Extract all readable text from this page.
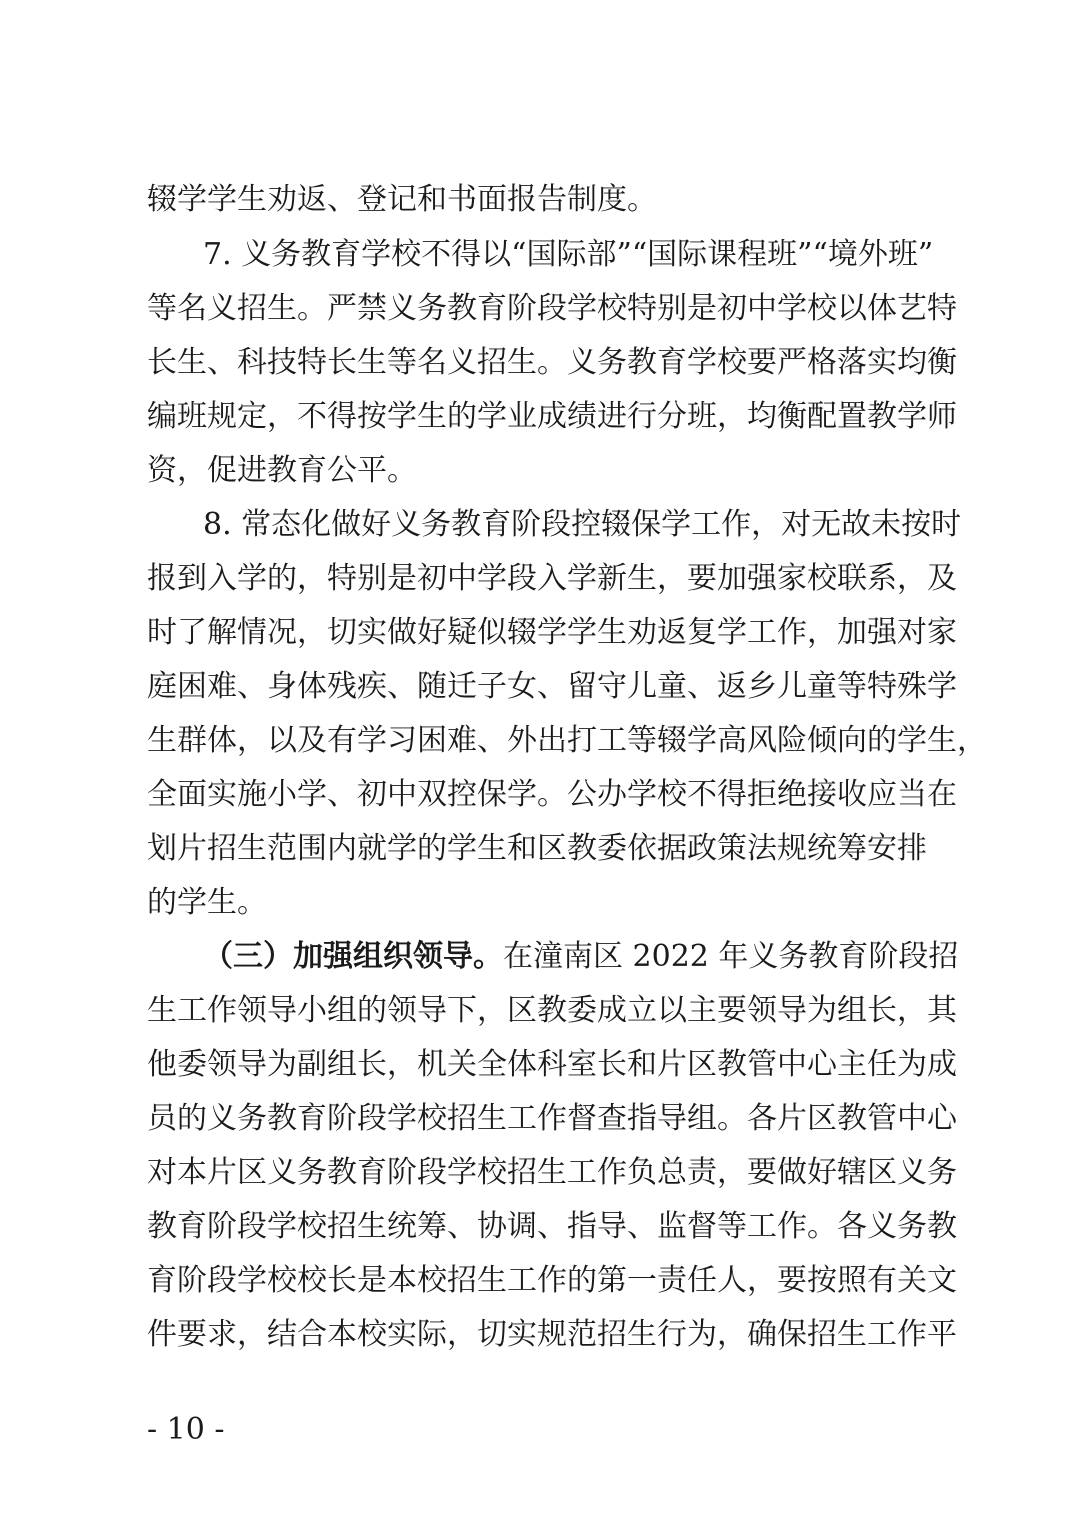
辍学学生劝返、登记和书面报告制度。
7. 义务教育学校不得以“国际部”“国际课程班”“境外班”
等名义招生。严禁义务教育阶段学校特别是初中学校以体艺特
长生、科技特长生等名义招生。义务教育学校要严格落实均衡
编班规定，不得按学生的学业成绩进行分班，均衡配置教学师
资，促进教育公平。
8. 常态化做好义务教育阶段控辍保学工作，对无故未按时
报到入学的，特别是初中学段入学新生，要加强家校联系，及
时了解情况，切实做好疑似辍学学生劝返复学工作，加强对家
庭困难、身体残疾、随迁子女、留守儿童、返乡儿童等特殊学
生群体，以及有学习困难、外出打工等辍学高风险倾向的学生，
全面实施小学、初中双控保学。公办学校不得拒绝接收应当在
划片招生范围内就学的学生和区教委依据政策法规统筹安排
的学生。
（三）加强组织领导。在潼南区 2022 年义务教育阶段招
生工作领导小组的领导下，区教委成立以主要领导为组长，其
他委领导为副组长，机关全体科室长和片区教管中心主任为成
员的义务教育阶段学校招生工作督查指导组。各片区教管中心
对本片区义务教育阶段学校招生工作负总责，要做好辖区义务
教育阶段学校招生统筹、协调、指导、监督等工作。各义务教
育阶段学校校长是本校招生工作的第一责任人，要按照有关文
件要求，结合本校实际，切实规范招生行为，确保招生工作平
- 10 -
